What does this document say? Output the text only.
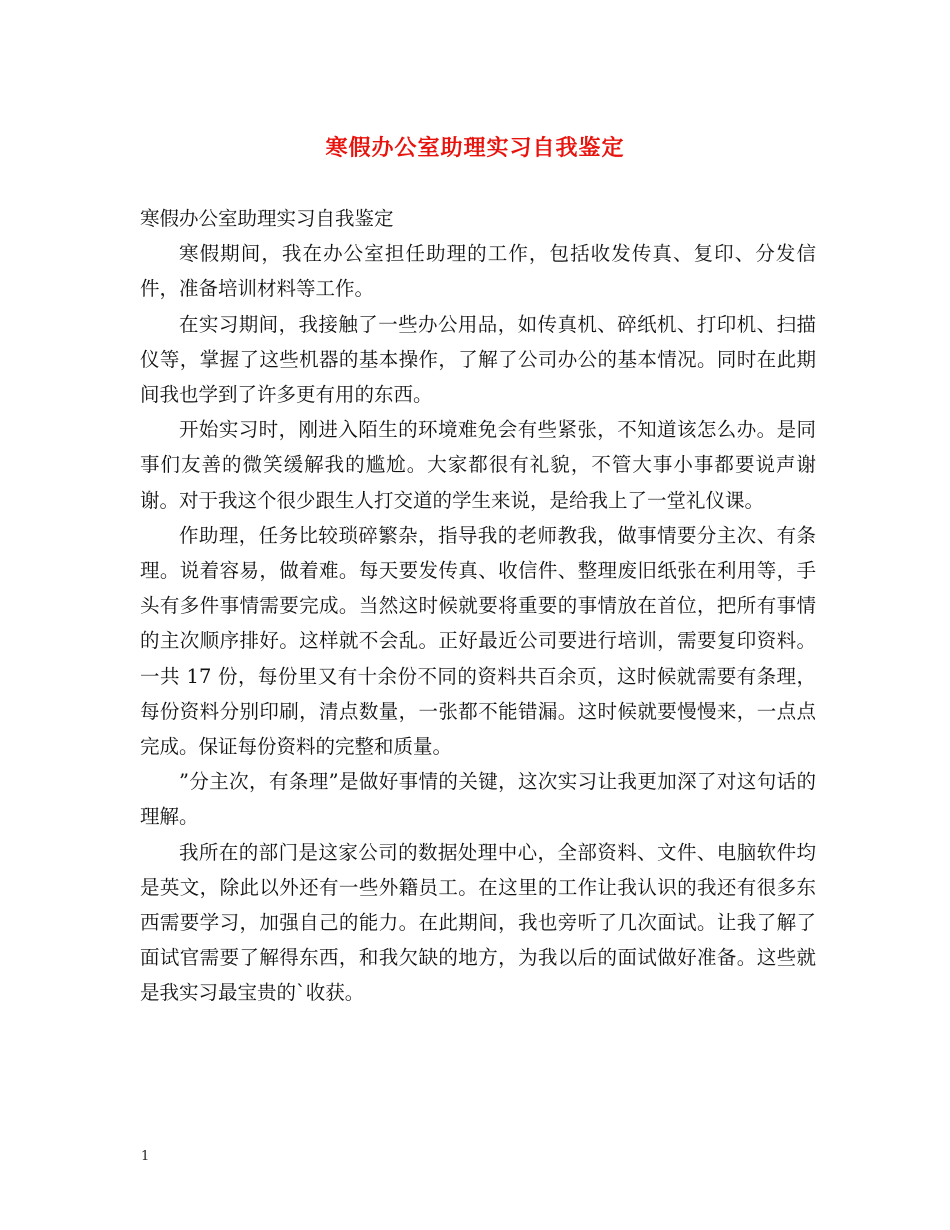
寒假办公室助理实习自我鉴定

寒假办公室助理实习自我鉴定

寒假期间，我在办公室担任助理的工作，包括收发传真、复印、分发信件，准备培训材料等工作。

在实习期间，我接触了一些办公用品，如传真机、碎纸机、打印机、扫描仪等，掌握了这些机器的基本操作，了解了公司办公的基本情况。同时在此期间我也学到了许多更有用的东西。

开始实习时，刚进入陌生的环境难免会有些紧张，不知道该怎么办。是同事们友善的微笑缓解我的尴尬。大家都很有礼貌，不管大事小事都要说声谢谢。对于我这个很少跟生人打交道的学生来说，是给我上了一堂礼仪课。

作助理，任务比较琐碎繁杂，指导我的老师教我，做事情要分主次、有条理。说着容易，做着难。每天要发传真、收信件、整理废旧纸张在利用等，手头有多件事情需要完成。当然这时候就要将重要的事情放在首位，把所有事情的主次顺序排好。这样就不会乱。正好最近公司要进行培训，需要复印资料。一共 17 份，每份里又有十余份不同的资料共百余页，这时候就需要有条理，每份资料分别印刷，清点数量，一张都不能错漏。这时候就要慢慢来，一点点完成。保证每份资料的完整和质量。

”分主次，有条理”是做好事情的关键，这次实习让我更加深了对这句话的理解。

我所在的部门是这家公司的数据处理中心，全部资料、文件、电脑软件均是英文，除此以外还有一些外籍员工。在这里的工作让我认识的我还有很多东西需要学习，加强自己的能力。在此期间，我也旁听了几次面试。让我了解了面试官需要了解得东西，和我欠缺的地方，为我以后的面试做好准备。这些就是我实习最宝贵的`收获。

1
